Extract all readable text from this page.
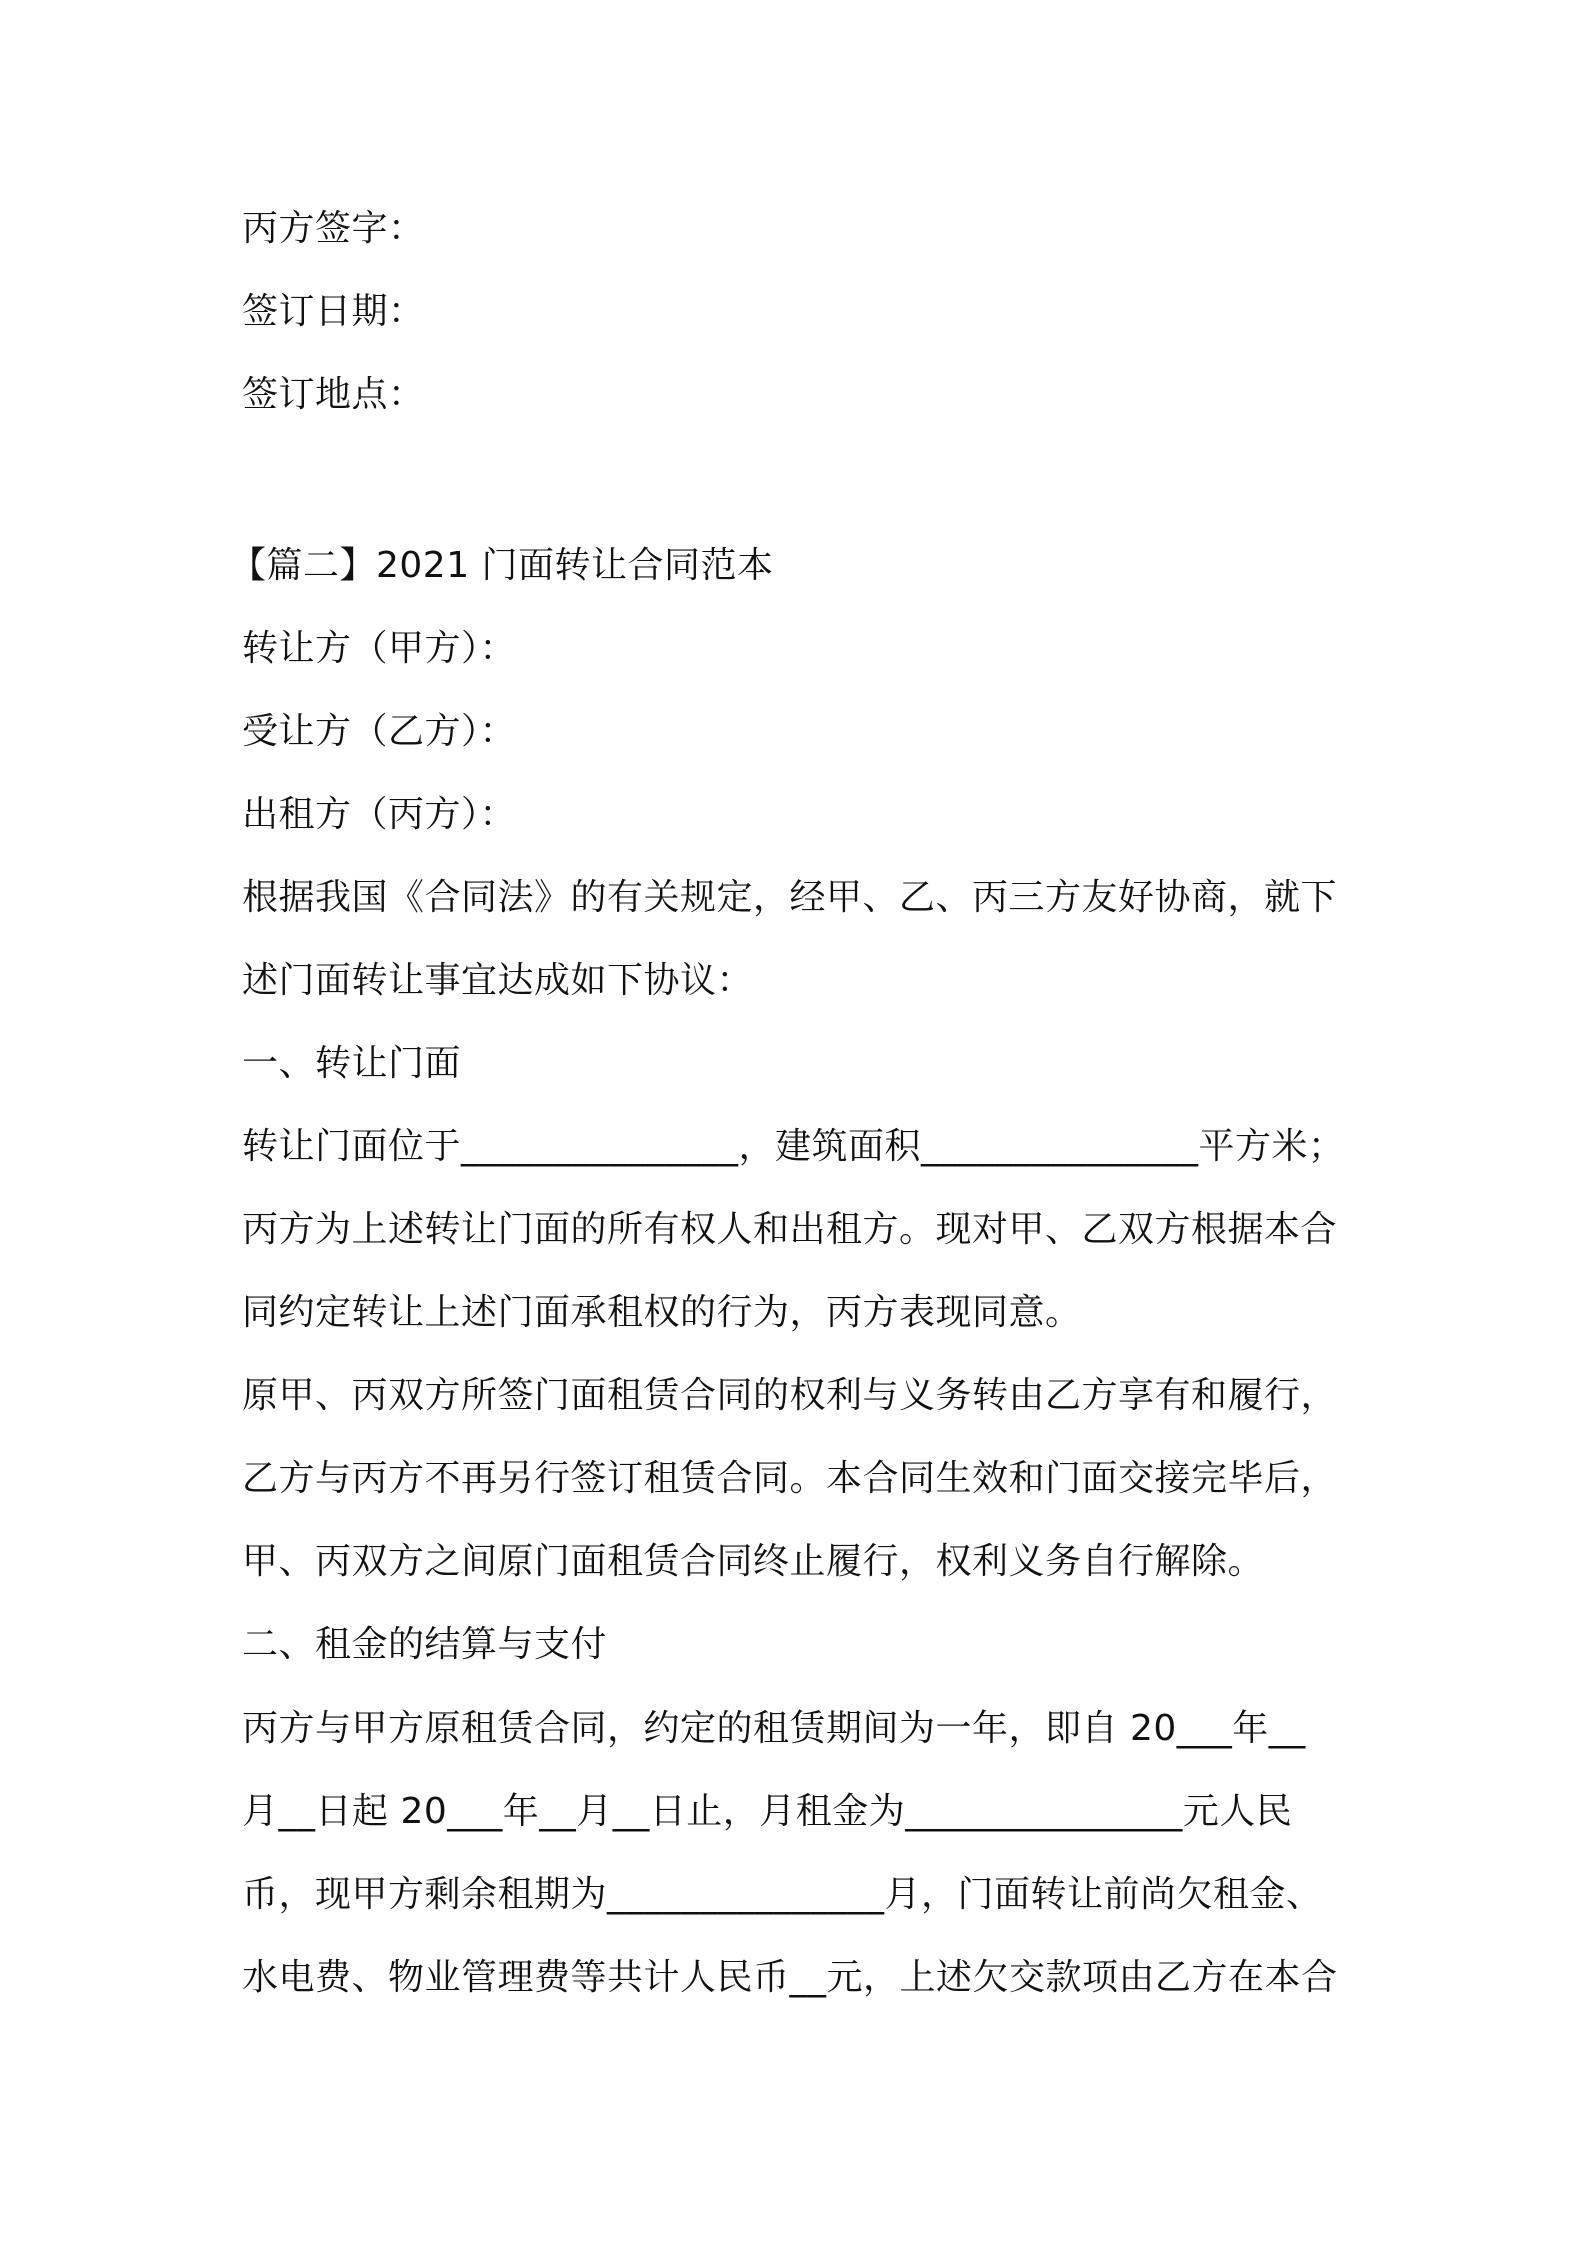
丙方签字：
签订日期：
签订地点：
【篇二】2021 门面转让合同范本
转让方（甲方）：
受让方（乙方）：
出租方（丙方）：
根据我国《合同法》的有关规定，经甲、乙、丙三方友好协商，就下
述门面转让事宜达成如下协议：
一、转让门面
转让门面位于_______________，建筑面积_______________平方米；
丙方为上述转让门面的所有权人和出租方。现对甲、乙双方根据本合
同约定转让上述门面承租权的行为，丙方表现同意。
原甲、丙双方所签门面租赁合同的权利与义务转由乙方享有和履行，
乙方与丙方不再另行签订租赁合同。本合同生效和门面交接完毕后，
甲、丙双方之间原门面租赁合同终止履行，权利义务自行解除。
二、租金的结算与支付
丙方与甲方原租赁合同，约定的租赁期间为一年，即自 20___年__
月__日起 20___年__月__日止，月租金为_______________元人民
币，现甲方剩余租期为_______________月，门面转让前尚欠租金、
水电费、物业管理费等共计人民币__元，上述欠交款项由乙方在本合
